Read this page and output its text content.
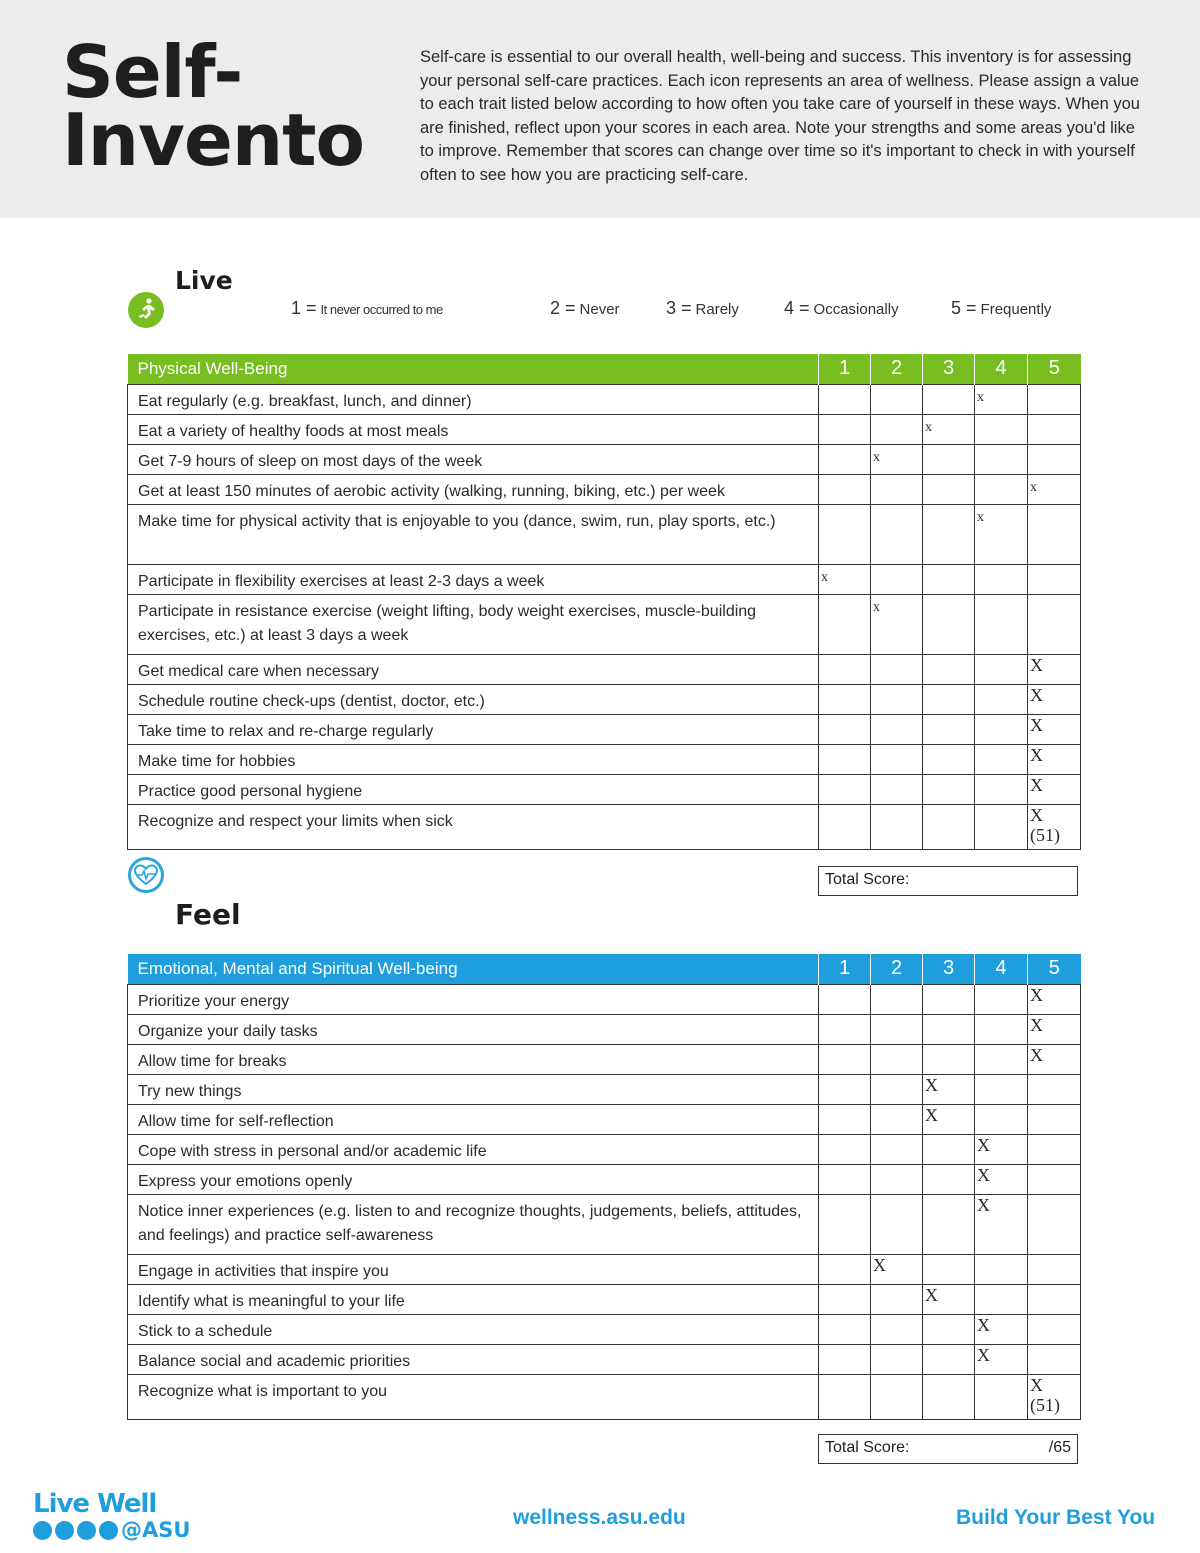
Self-
Invento

Self-care is essential to our overall health, well-being and success. This inventory is for assessing your personal self-care practices. Each icon represents an area of wellness. Please assign a value to each trait listed below according to how often you take care of yourself in these ways. When you are finished, reflect upon your scores in each area. Note your strengths and some areas you'd like to improve. Remember that scores can change over time so it's important to check in with yourself often to see how you are practicing self-care.

Live
1 = It never occurred to me	2 = Never	3 = Rarely	4 = Occasionally	5 = Frequently
Physical Well-Being	1	2	3	4	5
Eat regularly (e.g. breakfast, lunch, and dinner)				x	
Eat a variety of healthy foods at most meals			x		
Get 7-9 hours of sleep on most days of the week		x			
Get at least 150 minutes of aerobic activity (walking, running, biking, etc.) per week					x
Make time for physical activity that is enjoyable to you (dance, swim, run, play sports, etc.)				x	
Participate in flexibility exercises at least 2-3 days a week	x				
Participate in resistance exercise (weight lifting, body weight exercises, muscle-building exercises, etc.) at least 3 days a week		x			
Get medical care when necessary					X
Schedule routine check-ups (dentist, doctor, etc.)					X
Take time to relax and re-charge regularly					X
Make time for hobbies					X
Practice good personal hygiene					X
Recognize and respect your limits when sick					X
(51)
Total Score:
Feel
Emotional, Mental and Spiritual Well-being	1	2	3	4	5
Prioritize your energy					X
Organize your daily tasks					X
Allow time for breaks					X
Try new things			X		
Allow time for self-reflection			X		
Cope with stress in personal and/or academic life				X	
Express your emotions openly				X	
Notice inner experiences (e.g. listen to and recognize thoughts, judgements, beliefs, attitudes, and feelings) and practice self-awareness				X	
Engage in activities that inspire you		X			
Identify what is meaningful to your life			X		
Stick to a schedule				X	
Balance social and academic priorities				X	
Recognize what is important to you					X
(51)
Total Score:	/65
Live Well
@ASU
wellness.asu.edu	Build Your Best You
